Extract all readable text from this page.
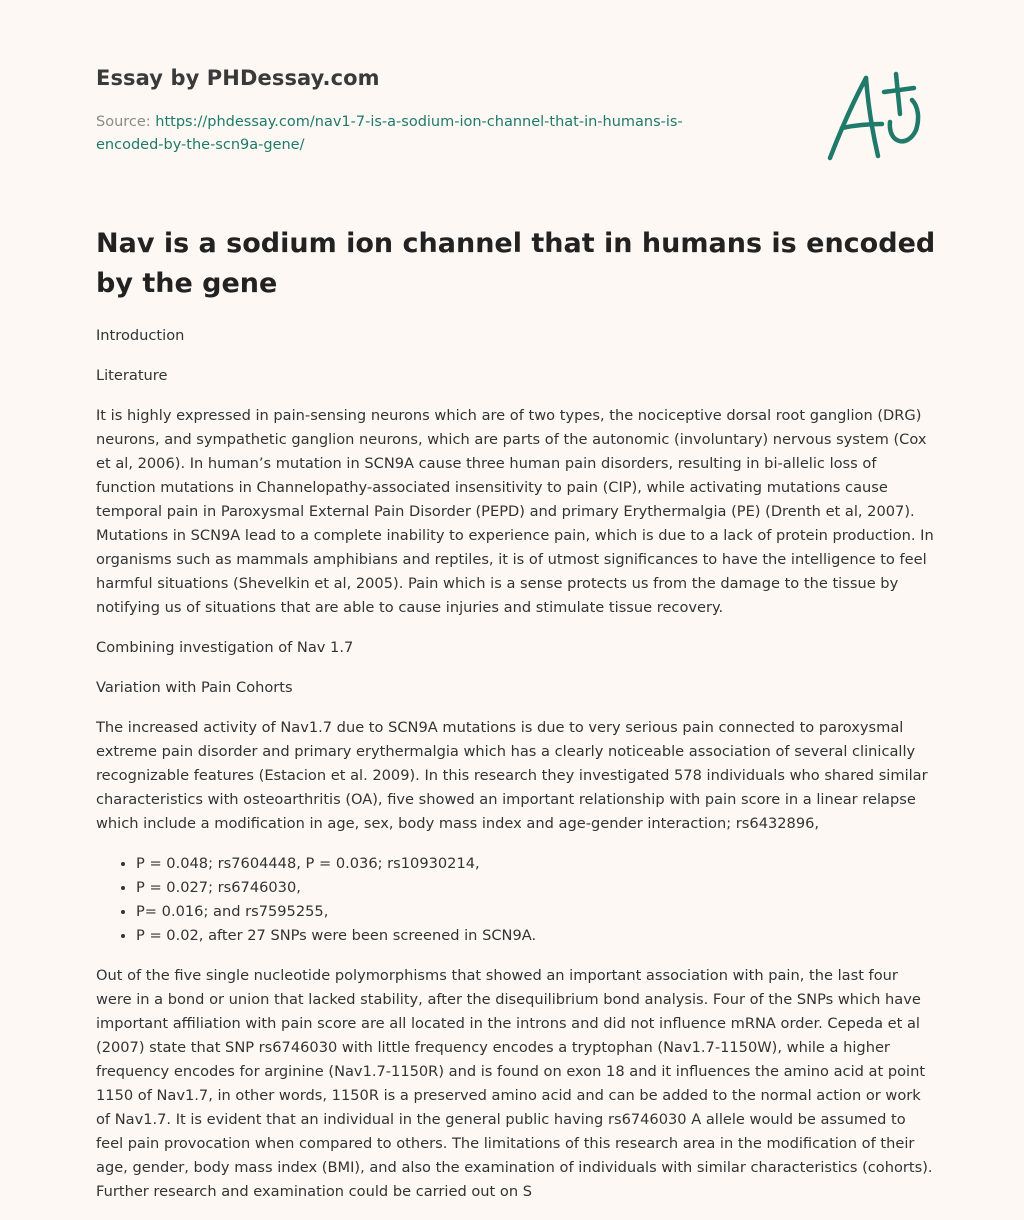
Essay by PHDessay.com
Source: https://phdessay.com/nav1-7-is-a-sodium-ion-channel-that-in-humans-is-encoded-by-the-scn9a-gene/
Nav is a sodium ion channel that in humans is encoded by the gene

Introduction

Literature

It is highly expressed in pain-sensing neurons which are of two types, the nociceptive dorsal root ganglion (DRG) neurons, and sympathetic ganglion neurons, which are parts of the autonomic (involuntary) nervous system (Cox et al, 2006). In human’s mutation in SCN9A cause three human pain disorders, resulting in bi-allelic loss of function mutations in Channelopathy-associated insensitivity to pain (CIP), while activating mutations cause temporal pain in Paroxysmal External Pain Disorder (PEPD) and primary Erythermalgia (PE) (Drenth et al, 2007). Mutations in SCN9A lead to a complete inability to experience pain, which is due to a lack of protein production. In organisms such as mammals amphibians and reptiles, it is of utmost significances to have the intelligence to feel harmful situations (Shevelkin et al, 2005). Pain which is a sense protects us from the damage to the tissue by notifying us of situations that are able to cause injuries and stimulate tissue recovery.

Combining investigation of Nav 1.7

Variation with Pain Cohorts

The increased activity of Nav1.7 due to SCN9A mutations is due to very serious pain connected to paroxysmal extreme pain disorder and primary erythermalgia which has a clearly noticeable association of several clinically recognizable features (Estacion et al. 2009). In this research they investigated 578 individuals who shared similar characteristics with osteoarthritis (OA), five showed an important relationship with pain score in a linear relapse which include a modification in age, sex, body mass index and age-gender interaction; rs6432896,

• P = 0.048; rs7604448, P = 0.036; rs10930214,
• P = 0.027; rs6746030,
• P= 0.016; and rs7595255,
• P = 0.02, after 27 SNPs were been screened in SCN9A.

Out of the five single nucleotide polymorphisms that showed an important association with pain, the last four were in a bond or union that lacked stability, after the disequilibrium bond analysis. Four of the SNPs which have important affiliation with pain score are all located in the introns and did not influence mRNA order. Cepeda et al (2007) state that SNP rs6746030 with little frequency encodes a tryptophan (Nav1.7-1150W), while a higher frequency encodes for arginine (Nav1.7-1150R) and is found on exon 18 and it influences the amino acid at point 1150 of Nav1.7, in other words, 1150R is a preserved amino acid and can be added to the normal action or work of Nav1.7. It is evident that an individual in the general public having rs6746030 A allele would be assumed to feel pain provocation when compared to others. The limitations of this research area in the modification of their age, gender, body mass index (BMI), and also the examination of individuals with similar characteristics (cohorts). Further research and examination could be carried out on S
